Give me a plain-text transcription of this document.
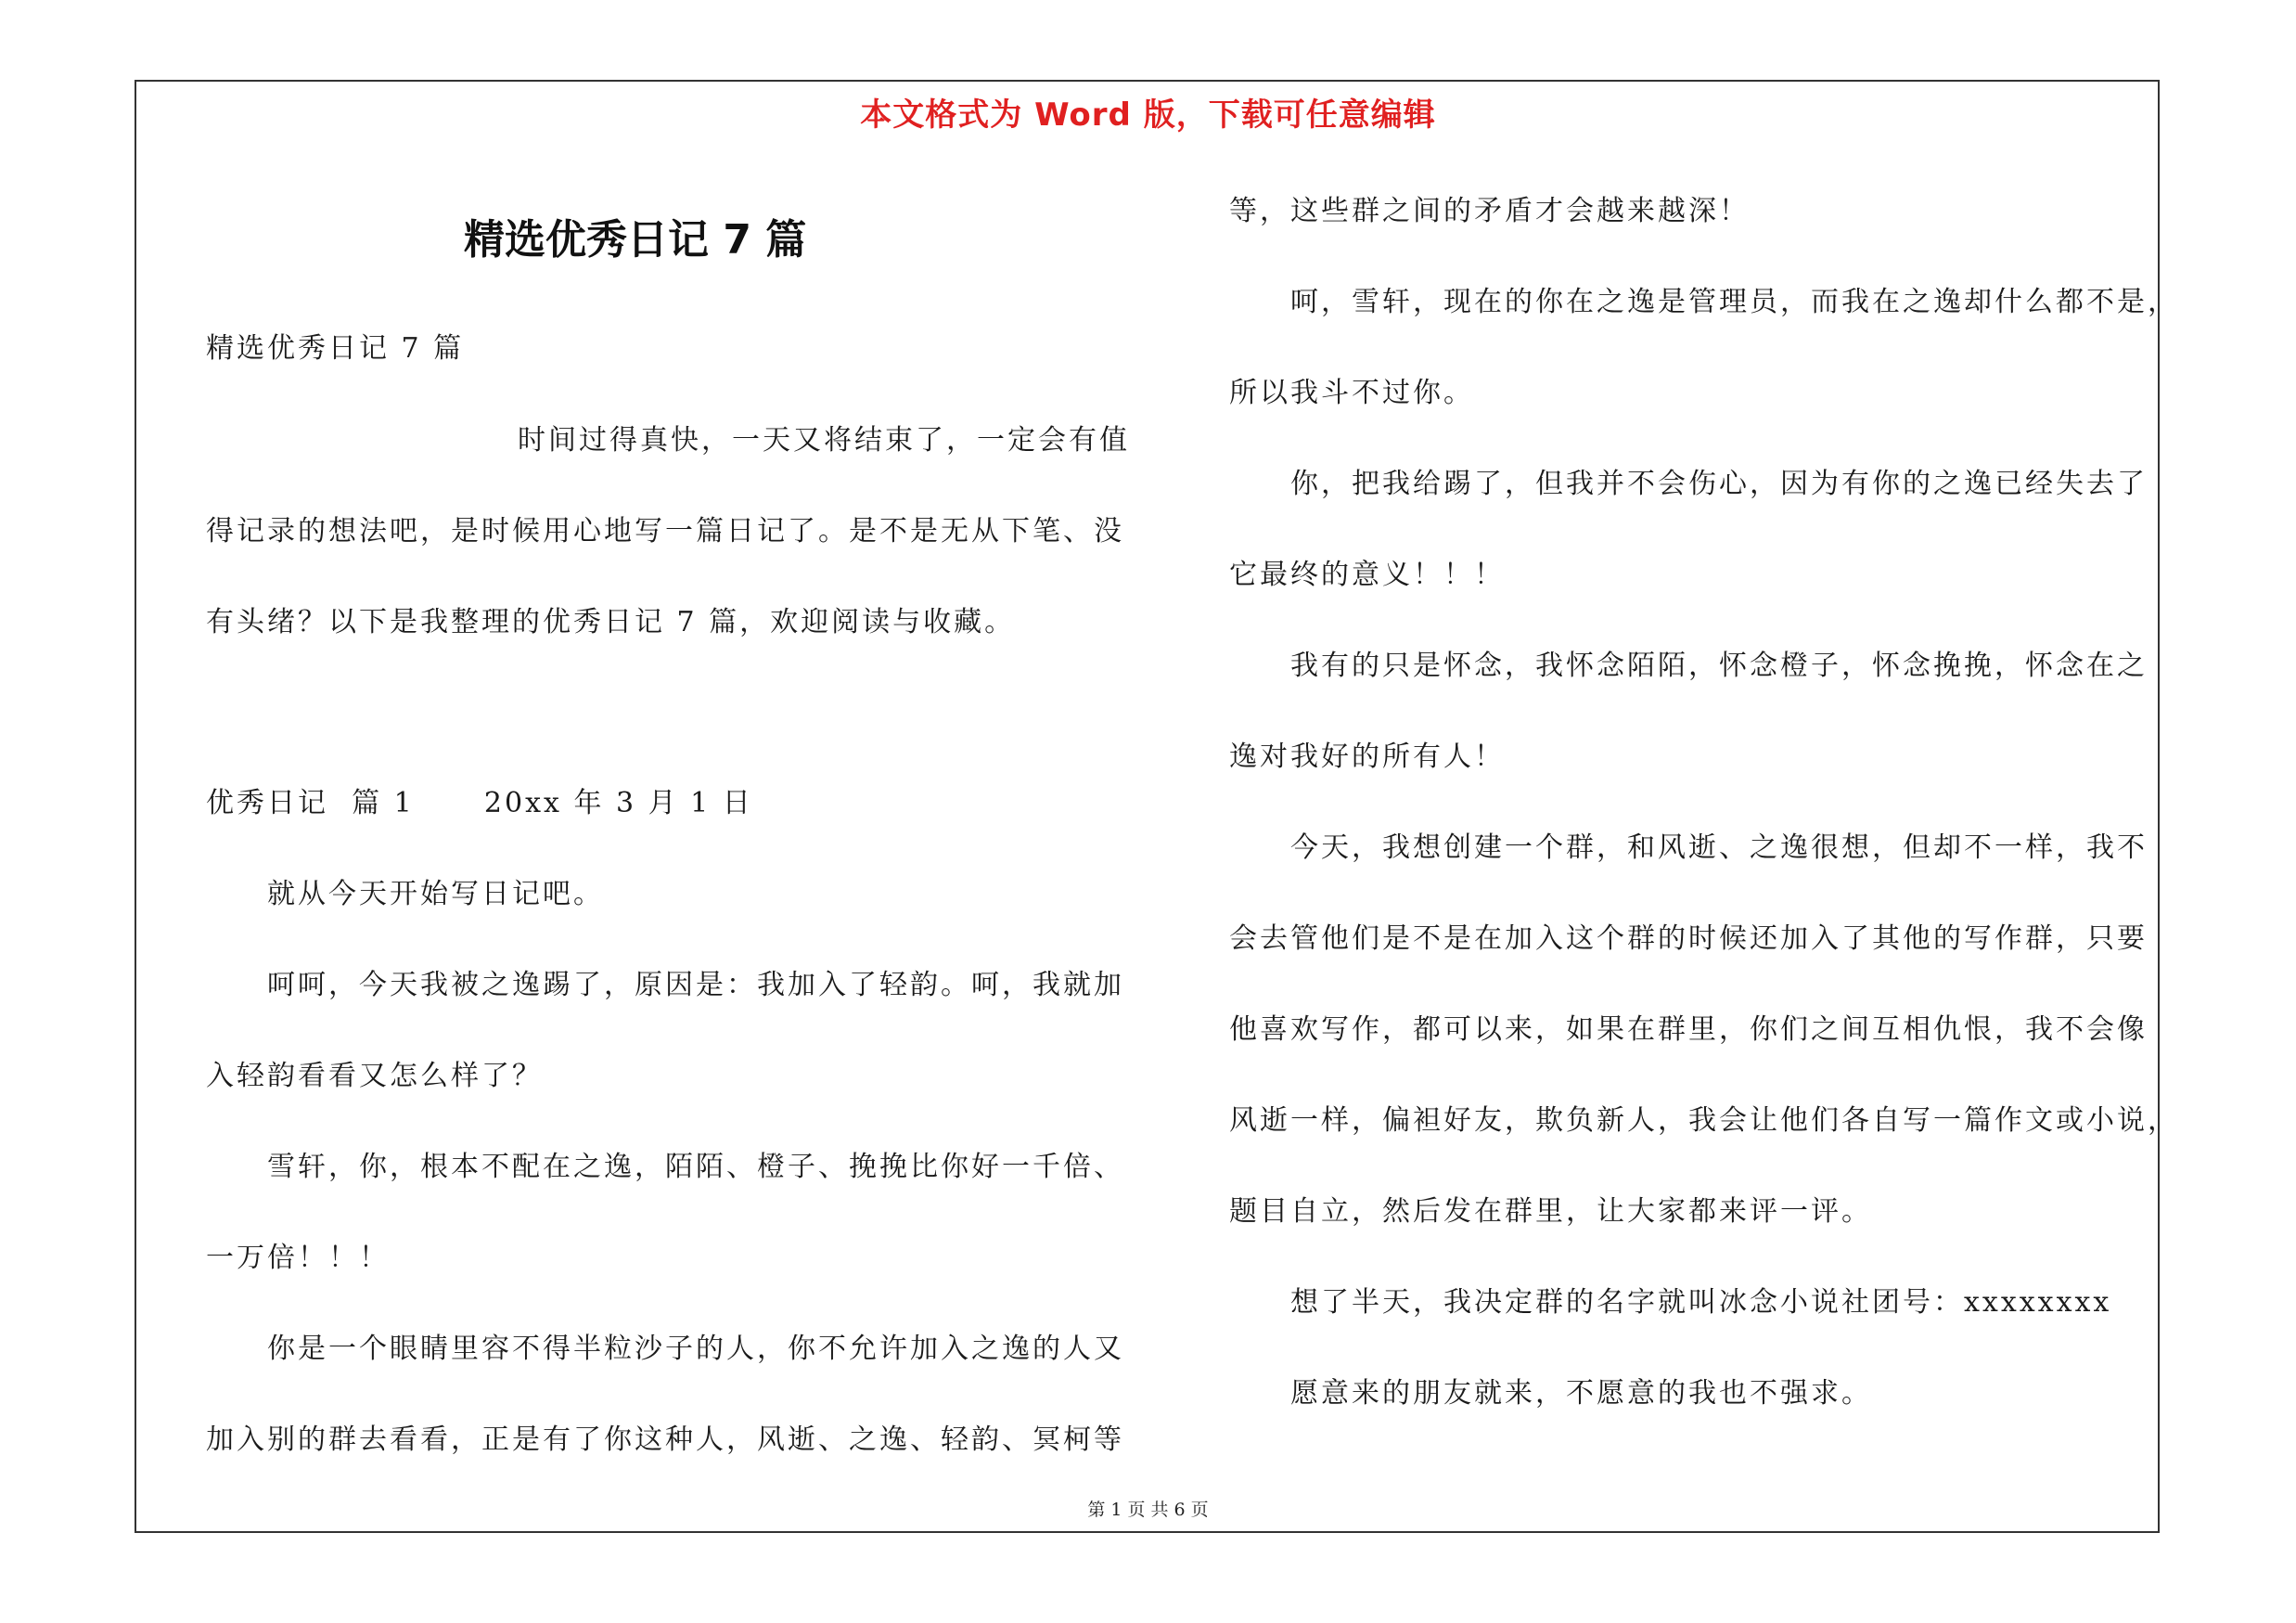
本文格式为 Word 版，下载可任意编辑
精选优秀日记 7 篇
精选优秀日记 7 篇
时间过得真快，一天又将结束了，一定会有值
得记录的想法吧，是时候用心地写一篇日记了。是不是无从下笔、没
有头绪？以下是我整理的优秀日记 7 篇，欢迎阅读与收藏。
优秀日记  篇 1      20xx 年 3 月 1 日
就从今天开始写日记吧。
呵呵，今天我被之逸踢了，原因是：我加入了轻韵。呵，我就加
入轻韵看看又怎么样了？
雪轩，你，根本不配在之逸，陌陌、橙子、挽挽比你好一千倍、
一万倍！！！
你是一个眼睛里容不得半粒沙子的人，你不允许加入之逸的人又
加入别的群去看看，正是有了你这种人，风逝、之逸、轻韵、冥柯等
等，这些群之间的矛盾才会越来越深！
呵，雪轩，现在的你在之逸是管理员，而我在之逸却什么都不是，
所以我斗不过你。
你，把我给踢了，但我并不会伤心，因为有你的之逸已经失去了
它最终的意义！！！
我有的只是怀念，我怀念陌陌，怀念橙子，怀念挽挽，怀念在之
逸对我好的所有人！
今天，我想创建一个群，和风逝、之逸很想，但却不一样，我不
会去管他们是不是在加入这个群的时候还加入了其他的写作群，只要
他喜欢写作，都可以来，如果在群里，你们之间互相仇恨，我不会像
风逝一样，偏袒好友，欺负新人，我会让他们各自写一篇作文或小说，
题目自立，然后发在群里，让大家都来评一评。
想了半天，我决定群的名字就叫冰念小说社团号：xxxxxxxx
愿意来的朋友就来，不愿意的我也不强求。
第 1 页 共 6 页
